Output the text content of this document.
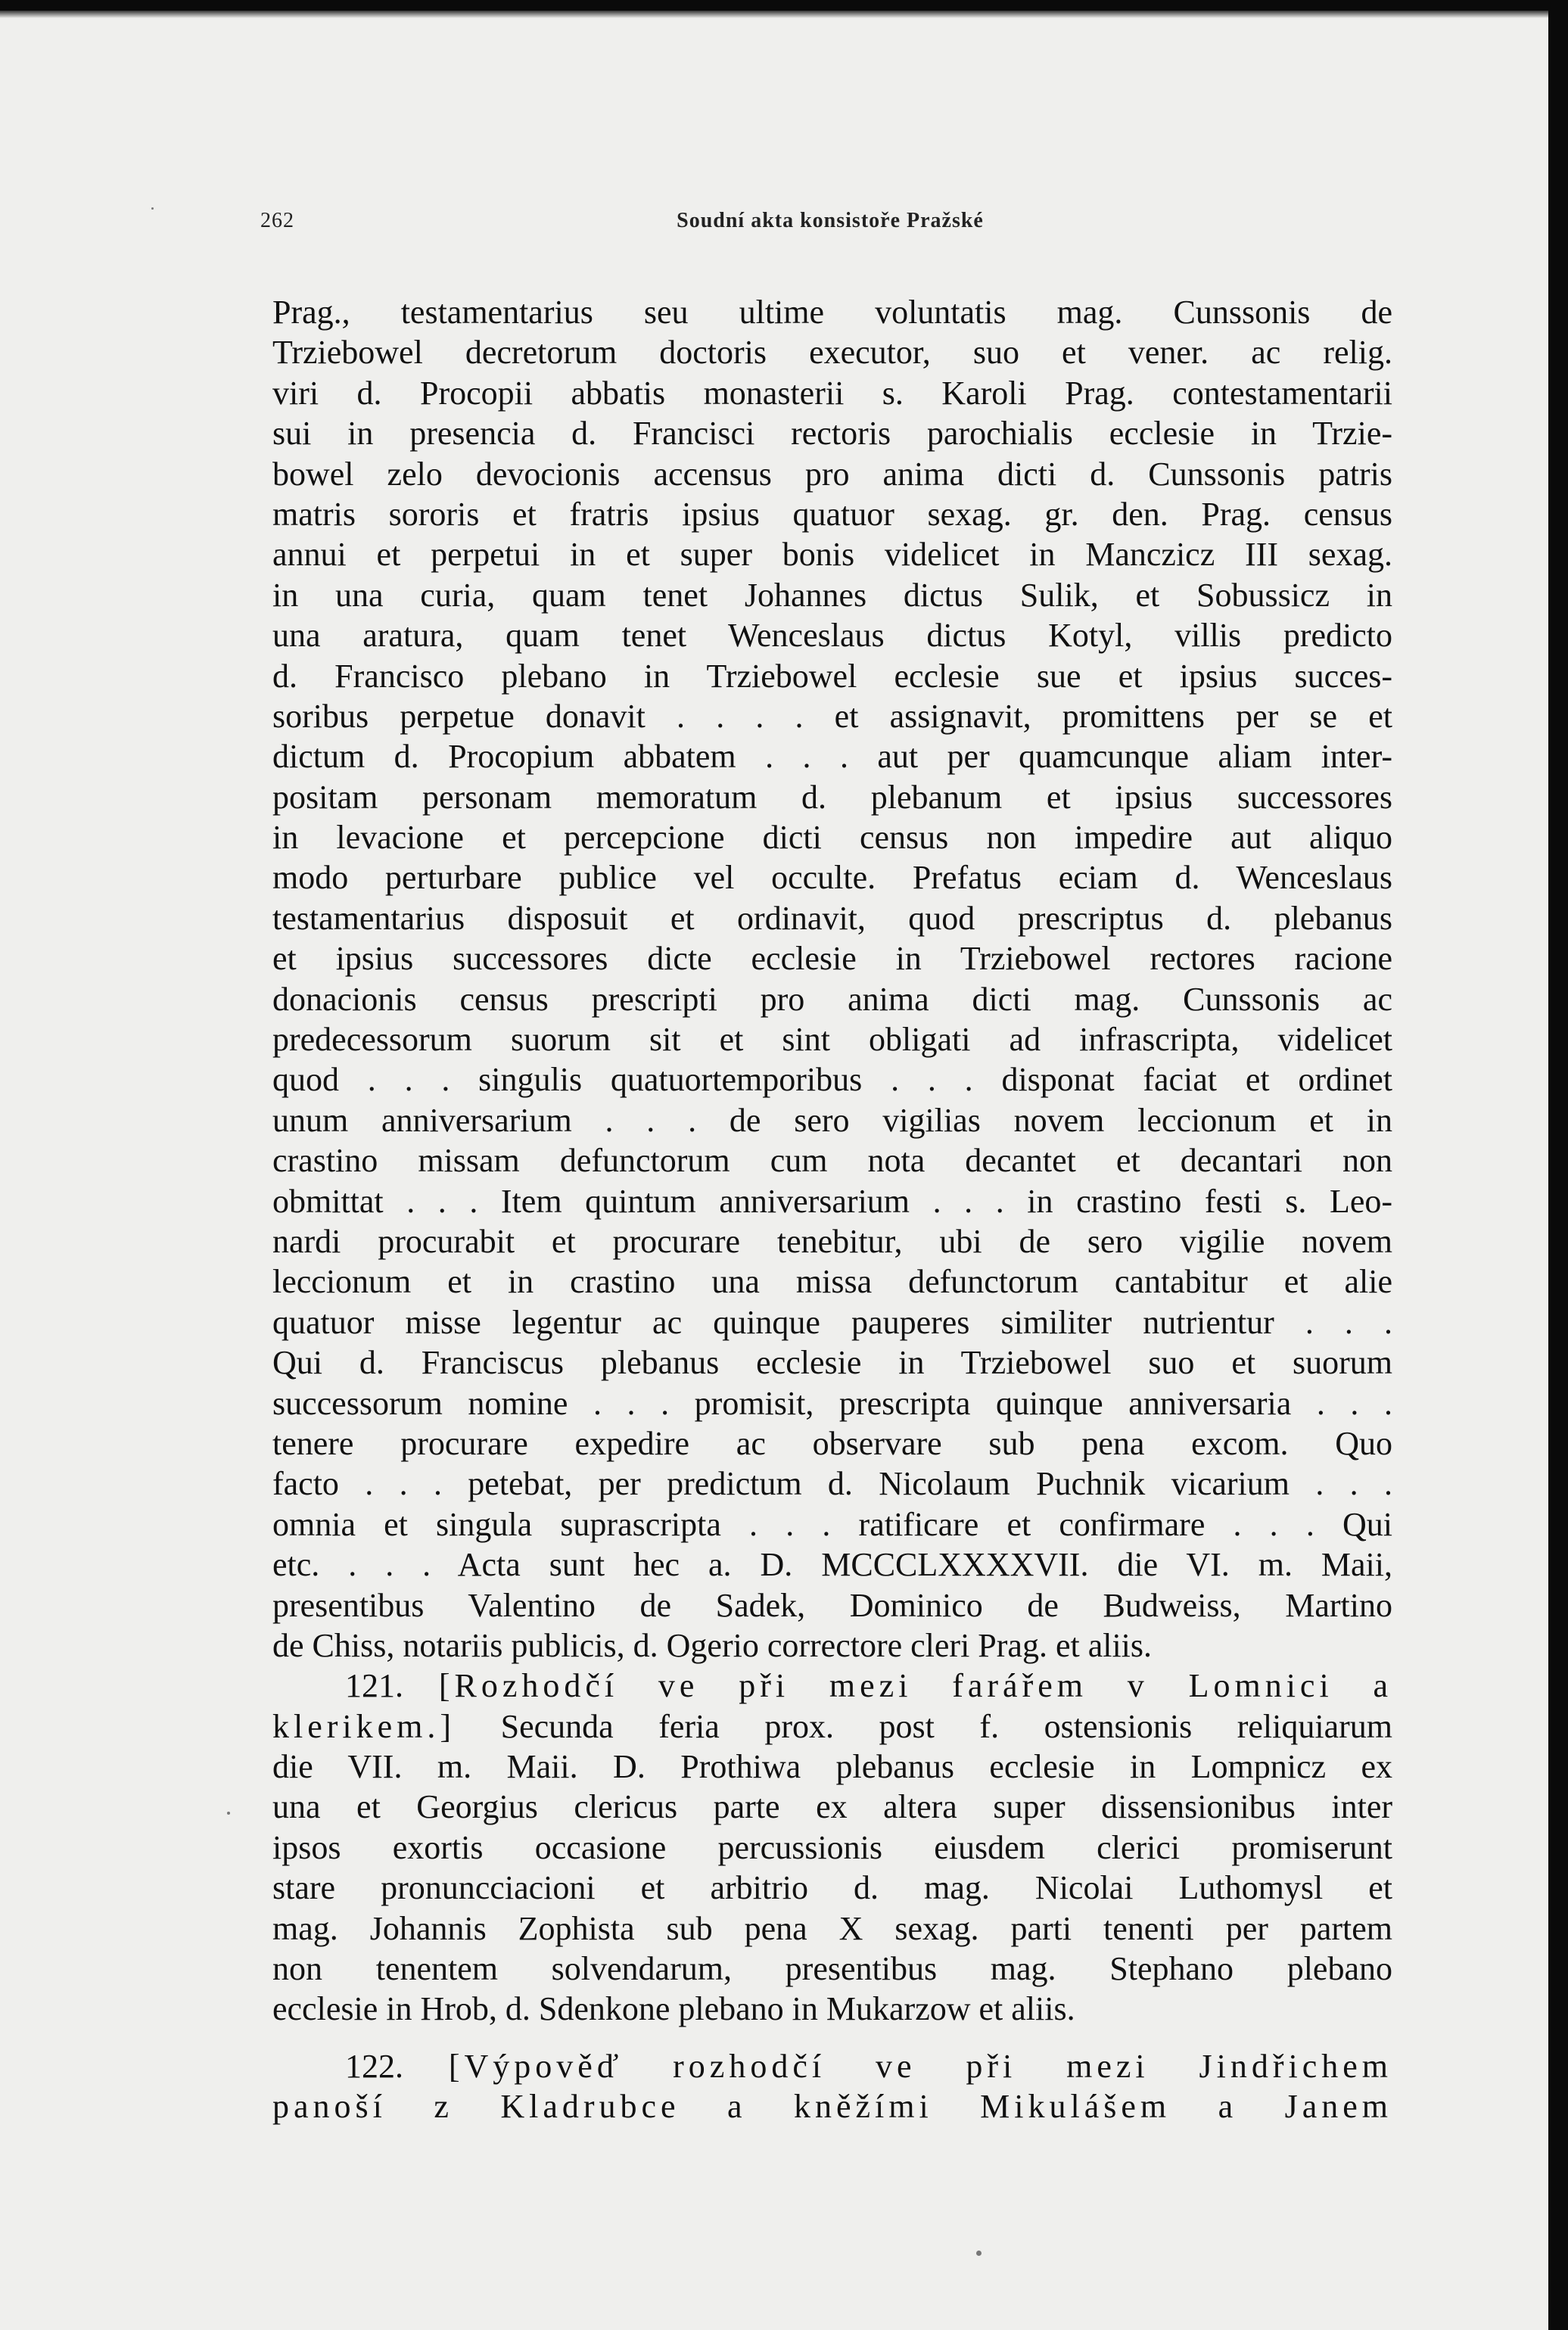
262	Soudní akta konsistoře Pražské
Prag., testamentarius seu ultime voluntatis mag. Cunssonis de
Trziebowel decretorum doctoris executor, suo et vener. ac relig.
viri d. Procopii abbatis monasterii s. Karoli Prag. contestamentarii
sui in presencia d. Francisci rectoris parochialis ecclesie in Trzie-
bowel zelo devocionis accensus pro anima dicti d. Cunssonis patris
matris sororis et fratris ipsius quatuor sexag. gr. den. Prag. census
annui et perpetui in et super bonis videlicet in Manczicz III sexag.
in una curia, quam tenet Johannes dictus Sulik, et Sobussicz in
una aratura, quam tenet Wenceslaus dictus Kotyl, villis predicto
d. Francisco plebano in Trziebowel ecclesie sue et ipsius succes-
soribus perpetue donavit . . . . et assignavit, promittens per se et
dictum d. Procopium abbatem . . . aut per quamcunque aliam inter-
positam personam memoratum d. plebanum et ipsius successores
in levacione et percepcione dicti census non impedire aut aliquo
modo perturbare publice vel occulte. Prefatus eciam d. Wenceslaus
testamentarius disposuit et ordinavit, quod prescriptus d. plebanus
et ipsius successores dicte ecclesie in Trziebowel rectores racione
donacionis census prescripti pro anima dicti mag. Cunssonis ac
predecessorum suorum sit et sint obligati ad infrascripta, videlicet
quod . . . singulis quatuortemporibus . . . disponat faciat et ordinet
unum anniversarium . . . de sero vigilias novem leccionum et in
crastino missam defunctorum cum nota decantet et decantari non
obmittat . . . Item quintum anniversarium . . . in crastino festi s. Leo-
nardi procurabit et procurare tenebitur, ubi de sero vigilie novem
leccionum et in crastino una missa defunctorum cantabitur et alie
quatuor misse legentur ac quinque pauperes similiter nutrientur . . .
Qui d. Franciscus plebanus ecclesie in Trziebowel suo et suorum
successorum nomine . . . promisit, prescripta quinque anniversaria . . .
tenere procurare expedire ac observare sub pena excom. Quo
facto . . . petebat, per predictum d. Nicolaum Puchnik vicarium . . .
omnia et singula suprascripta . . . ratificare et confirmare . . . Qui
etc. . . . Acta sunt hec a. D. MCCCLXXXXVII. die VI. m. Maii,
presentibus Valentino de Sadek, Dominico de Budweiss, Martino
de Chiss, notariis publicis, d. Ogerio correctore cleri Prag. et aliis.
121. [Rozhodčí ve při mezi farářem v Lomnici a
klerikem.] Secunda feria prox. post f. ostensionis reliquiarum
die VII. m. Maii. D. Prothiwa plebanus ecclesie in Lompnicz ex
una et Georgius clericus parte ex altera super dissensionibus inter
ipsos exortis occasione percussionis eiusdem clerici promiserunt
stare pronuncciacioni et arbitrio d. mag. Nicolai Luthomysl et
mag. Johannis Zophista sub pena X sexag. parti tenenti per partem
non tenentem solvendarum, presentibus mag. Stephano plebano
ecclesie in Hrob, d. Sdenkone plebano in Mukarzow et aliis.
122. [Výpověď rozhodčí ve při mezi Jindřichem
panoší z Kladrubce a kněžími Mikulášem a Janem
